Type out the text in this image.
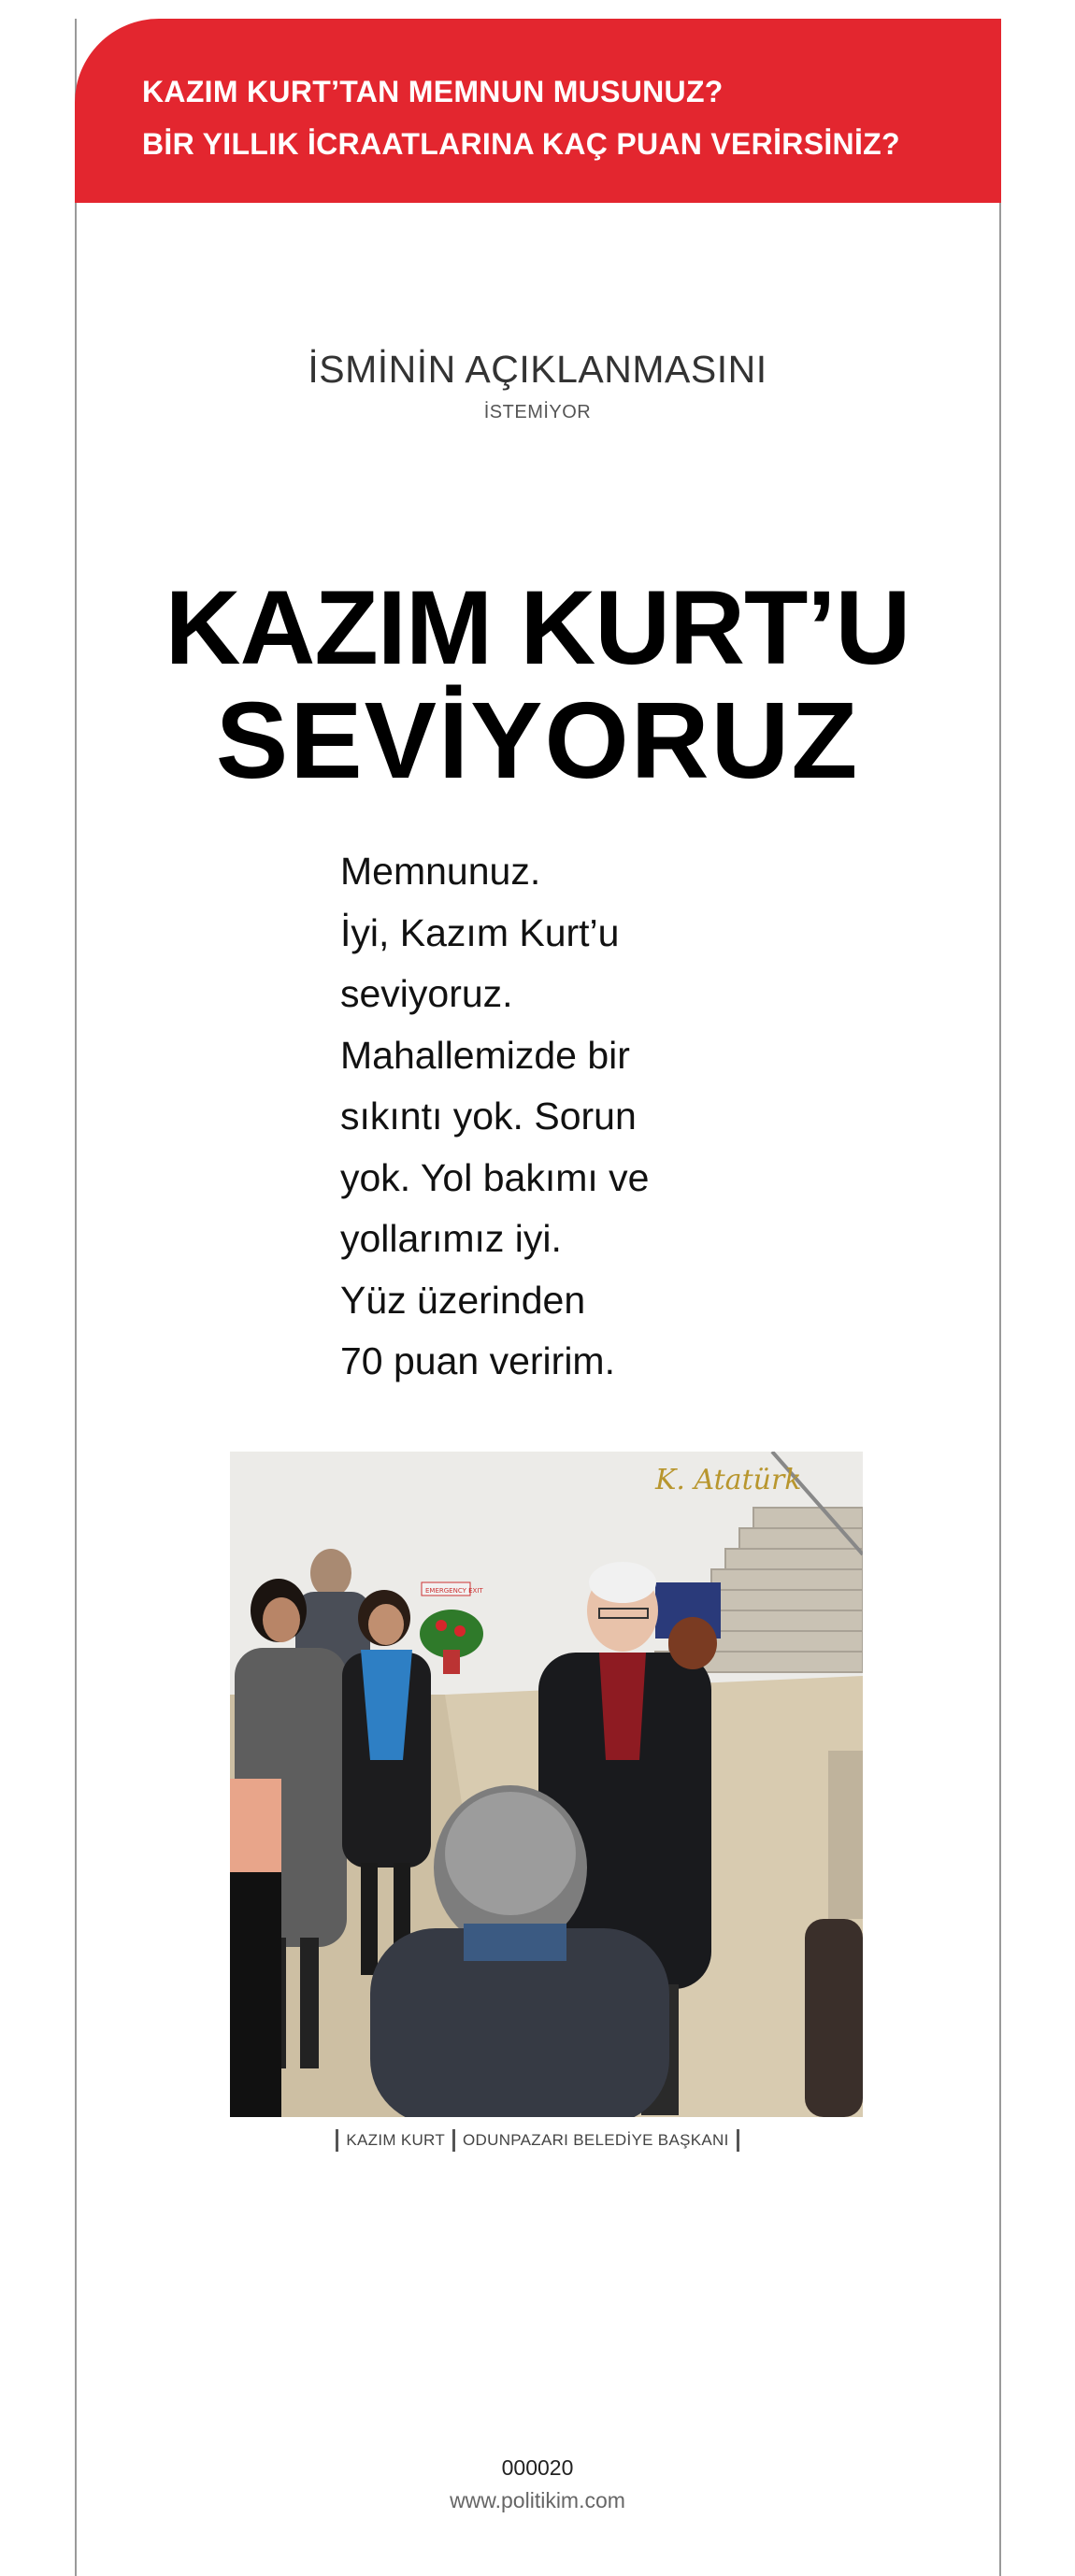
KAZIM KURT’TAN MEMNUN MUSUNUZ?
BİR YILLIK İCRAATLARINA KAÇ PUAN VERİRSİNİZ?
İSMİNİN AÇIKLANMASINI
İSTEMİYOR
KAZIM KURT’U
SEVİYORUZ
Memnunuz.
İyi, Kazım Kurt’u
seviyoruz.
Mahallemizde bir
sıkıntı yok. Sorun
yok. Yol bakımı ve
yollarımız iyi.
Yüz üzerinden
70 puan veririm.
K. Atatürk
EMERGENCY EXIT
KAZIM KURT ODUNPAZARI BELEDİYE BAŞKANI
000020
www.politikim.com
